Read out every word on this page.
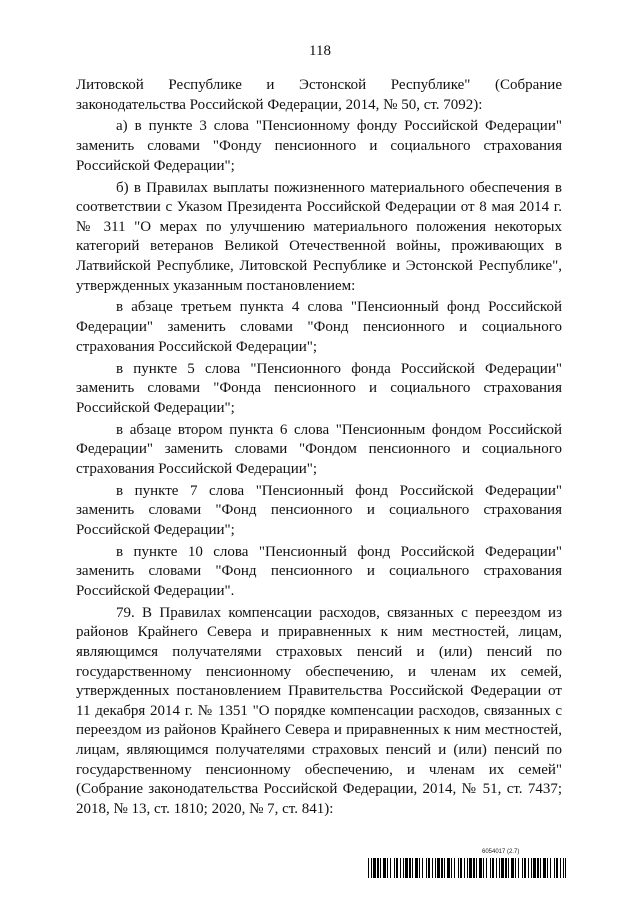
118

Литовской Республике и Эстонской Республике" (Собрание законодательства Российской Федерации, 2014, № 50, ст. 7092):

а) в пункте 3 слова "Пенсионному фонду Российской Федерации" заменить словами "Фонду пенсионного и социального страхования Российской Федерации";

б) в Правилах выплаты пожизненного материального обеспечения в соответствии с Указом Президента Российской Федерации от 8 мая 2014 г. № 311 "О мерах по улучшению материального положения некоторых категорий ветеранов Великой Отечественной войны, проживающих в Латвийской Республике, Литовской Республике и Эстонской Республике", утвержденных указанным постановлением:

в абзаце третьем пункта 4 слова "Пенсионный фонд Российской Федерации" заменить словами "Фонд пенсионного и социального страхования Российской Федерации";

в пункте 5 слова "Пенсионного фонда Российской Федерации" заменить словами "Фонда пенсионного и социального страхования Российской Федерации";

в абзаце втором пункта 6 слова "Пенсионным фондом Российской Федерации" заменить словами "Фондом пенсионного и социального страхования Российской Федерации";

в пункте 7 слова "Пенсионный фонд Российской Федерации" заменить словами "Фонд пенсионного и социального страхования Российской Федерации";

в пункте 10 слова "Пенсионный фонд Российской Федерации" заменить словами "Фонд пенсионного и социального страхования Российской Федерации".

79. В Правилах компенсации расходов, связанных с переездом из районов Крайнего Севера и приравненных к ним местностей, лицам, являющимся получателями страховых пенсий и (или) пенсий по государственному пенсионному обеспечению, и членам их семей, утвержденных постановлением Правительства Российской Федерации от 11 декабря 2014 г. № 1351 "О порядке компенсации расходов, связанных с переездом из районов Крайнего Севера и приравненных к ним местностей, лицам, являющимся получателями страховых пенсий и (или) пенсий по государственному пенсионному обеспечению, и членам их семей" (Собрание законодательства Российской Федерации, 2014, № 51, ст. 7437; 2018, № 13, ст. 1810; 2020, № 7, ст. 841):

6054017 (2.7)
